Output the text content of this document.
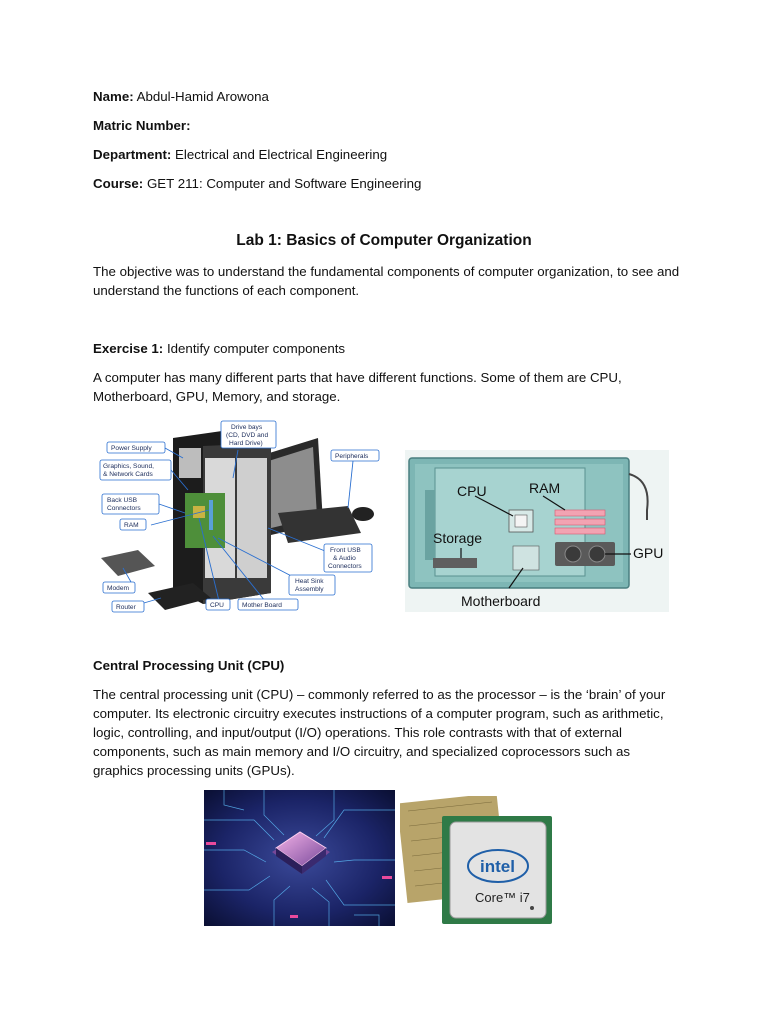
Name: Abdul-Hamid Arowona

Matric Number:

Department: Electrical and Electrical Engineering

Course: GET 211: Computer and Software Engineering

Lab 1: Basics of Computer Organization

The objective was to understand the fundamental components of computer organization, to see and understand the functions of each component.

Exercise 1: Identify computer components

A computer has many different parts that have different functions. Some of them are CPU, Motherboard, GPU, Memory, and storage.

Power Supply
Graphics, Sound,
& Network Cards
Back USB
Connectors
RAM
Modem
Router	CPU	Mother Board
Heat Sink
Assembly
Front USB
& Audio
Connectors
Peripherals
Drive bays
(CD, DVD and
Hard Drive)
CPU	RAM
Storage
GPU
Motherboard

Central Processing Unit (CPU)

The central processing unit (CPU) – commonly referred to as the processor – is the ‘brain’ of your computer. Its electronic circuitry executes instructions of a computer program, such as arithmetic, logic, controlling, and input/output (I/O) operations. This role contrasts with that of external components, such as main memory and I/O circuitry, and specialized coprocessors such as graphics processing units (GPUs).

intel
Core™ i7
